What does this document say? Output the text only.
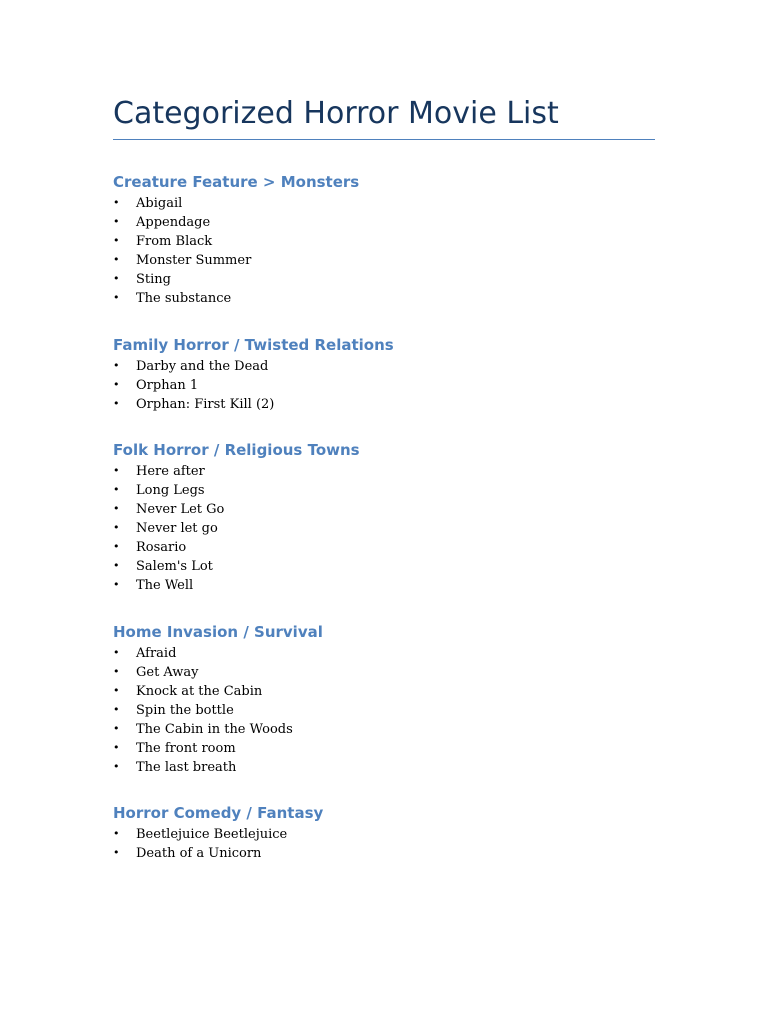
Categorized Horror Movie List
Creature Feature > Monsters
• Abigail
• Appendage
• From Black
• Monster Summer
• Sting
• The substance
Family Horror / Twisted Relations
• Darby and the Dead
• Orphan 1
• Orphan: First Kill (2)
Folk Horror / Religious Towns
• Here after
• Long Legs
• Never Let Go
• Never let go
• Rosario
• Salem's Lot
• The Well
Home Invasion / Survival
• Afraid
• Get Away
• Knock at the Cabin
• Spin the bottle
• The Cabin in the Woods
• The front room
• The last breath
Horror Comedy / Fantasy
• Beetlejuice Beetlejuice
• Death of a Unicorn
